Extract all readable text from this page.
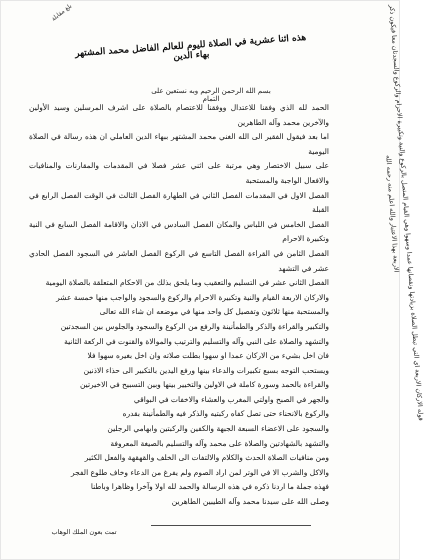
بلغ مقابلة
هذه اثنا عشرية في الصلاة لليوم للعالم الفاضل محمد المشتهر بهاء الدين
بسم الله الرحمن الرحيم وبه نستعين على التمام

الحمد لله الذي وفقنا للاعتدال ووفقنا للاعتصام بالصلاة على اشرف المرسلين وسيد الأولين والآخرين محمد وآله الطاهرين

اما بعد فيقول الفقير الى الله الغني محمد المشتهر ببهاء الدين العاملي ان هذه رسالة في الصلاة اليومية

على سبيل الاختصار وهي مرتبة على اثني عشر فصلا في المقدمات والمقارنات والمنافيات والافعال الواجبة والمستحبة

الفصل الاول في المقدمات الفصل الثاني في الطهارة الفصل الثالث في الوقت الفصل الرابع في القبلة

الفصل الخامس في اللباس والمكان الفصل السادس في الاذان والاقامة الفصل السابع في النية وتكبيرة الاحرام

الفصل الثامن في القراءة الفصل التاسع في الركوع الفصل العاشر في السجود الفصل الحادي عشر في التشهد

الفصل الثاني عشر في التسليم والتعقيب وما يلحق بذلك من الاحكام المتعلقة بالصلاة اليومية

والاركان الاربعة القيام والنية وتكبيرة الاحرام والركوع والسجود والواجب منها خمسة عشر

والمستحبة منها ثلاثون وتفصيل كل واحد منها في موضعه ان شاء الله تعالى

والتكبير والقراءة والذكر والطمأنينة والرفع من الركوع والسجود والجلوس بين السجدتين

والتشهد والصلاة على النبي وآله والتسليم والترتيب والموالاة والقنوت في الركعة الثانية

فان اخل بشيء من الاركان عمدا او سهوا بطلت صلاته وان اخل بغيره سهوا فلا

ويستحب التوجه بسبع تكبيرات والدعاء بينها ورفع اليدين بالتكبير الى حذاء الاذنين

والقراءة بالحمد وسورة كاملة في الاولين والتخيير بينها وبين التسبيح في الاخيرتين

والجهر في الصبح واولتي المغرب والعشاء والاخفات في البواقي

والركوع بالانحناء حتى تصل كفاه ركبتيه والذكر فيه والطمأنينة بقدره

والسجود على الاعضاء السبعة الجبهة والكفين والركبتين وابهامي الرجلين

والتشهد بالشهادتين والصلاة على محمد وآله والتسليم بالصيغة المعروفة

ومن منافيات الصلاة الحدث والكلام والالتفات الى الخلف والقهقهة والفعل الكثير

والاكل والشرب الا في الوتر لمن اراد الصوم ولم يفرغ من الدعاء وخاف طلوع الفجر

فهذه جملة ما اردنا ذكره في هذه الرسالة والحمد لله اولا وآخرا وظاهرا وباطنا

وصلى الله على سيدنا محمد وآله الطيبين الطاهرين

قوله الاركان الاربعة اي التي تبطل الصلاة بزيادتها ونقصانها عمدا وسهوا وهي القيام المتصل بالركوع والنية وتكبيرة الاحرام والركوع والسجدتان معا فيكون ذكر الاربعة بهذا الاعتبار والله اعلم منه رحمه الله
تمت بعون الملك الوهاب
